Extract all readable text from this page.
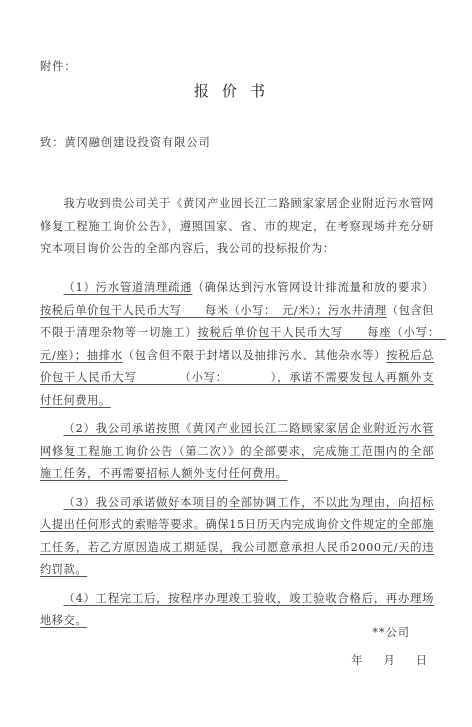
附件：
报价书
致：黄冈融创建设投资有限公司

我方收到贵公司关于《黄冈产业园长江二路顾家家居企业附近污水管网修复工程施工询价公告》，遵照国家、省、市的规定，在考察现场并充分研究本项目询价公告的全部内容后，我公司的投标报价为：

（1）污水管道清理疏通（确保达到污水管网设计排流量和放的要求）按税后单价包干人民币大写　　每米（小写：　元/米）；污水井清理（包含但不限于清理杂物等一切施工）按税后单价包干人民币大写　　每座（小写：　元/座）；抽排水（包含但不限于封堵以及抽排污水、其他杂水等）按税后总价包干人民币大写　　　　（小写：　　　　），承诺不需要发包人再额外支付任何费用。

（2）我公司承诺按照《黄冈产业园长江二路顾家家居企业附近污水管网修复工程施工询价公告（第二次）》的全部要求，完成施工范围内的全部施工任务，不再需要招标人额外支付任何费用。

（3）我公司承诺做好本项目的全部协调工作，不以此为理由，向招标人提出任何形式的索赔等要求。确保15日历天内完成询价文件规定的全部施工任务，若乙方原因造成工期延误，我公司愿意承担人民币2000元/天的违约罚款。

（4）工程完工后，按程序办理竣工验收，竣工验收合格后，再办理场地移交。

**公司
年 月 日
